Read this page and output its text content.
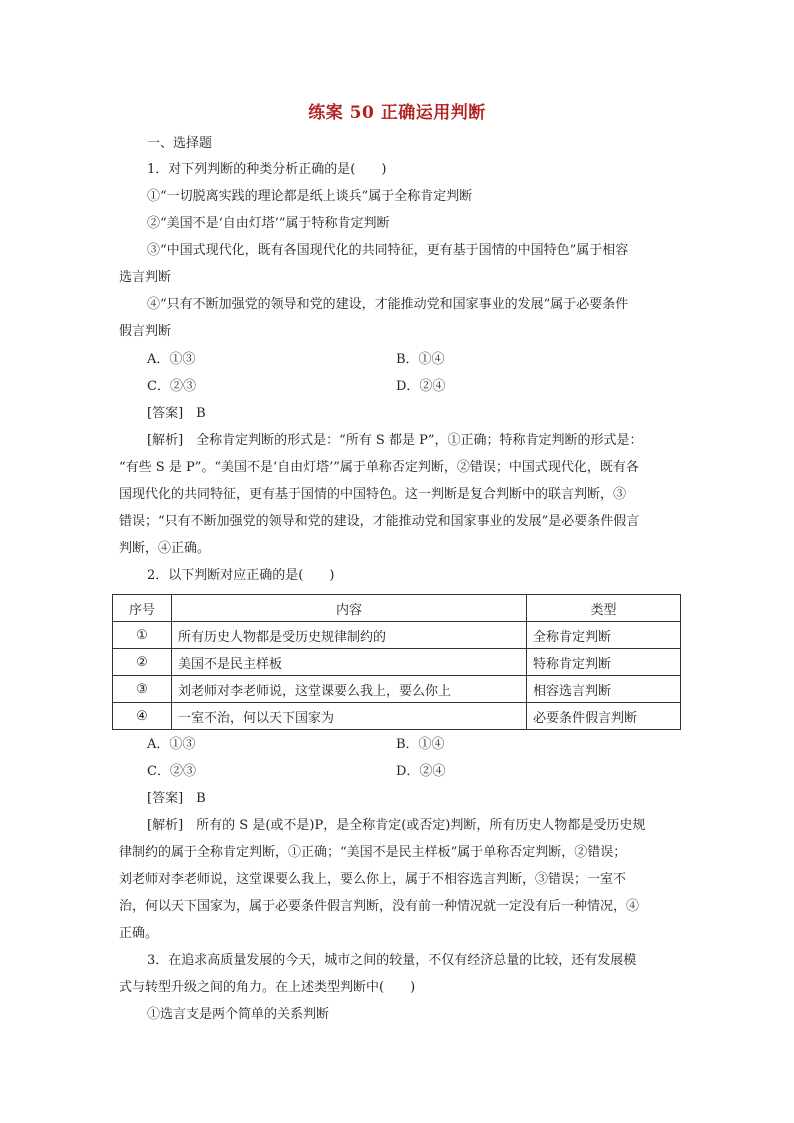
练案 50 正确运用判断
一、选择题
1．对下列判断的种类分析正确的是(　　)
①“一切脱离实践的理论都是纸上谈兵”属于全称肯定判断
②“美国不是‘自由灯塔’”属于特称肯定判断
③“中国式现代化，既有各国现代化的共同特征，更有基于国情的中国特色”属于相容
选言判断
④“只有不断加强党的领导和党的建设，才能推动党和国家事业的发展”属于必要条件
假言判断
A．①③	B．①④
C．②③	D．②④
[答案]　B
[解析]　全称肯定判断的形式是：“所有 S 都是 P”，①正确；特称肯定判断的形式是：
“有些 S 是 P”。“美国不是‘自由灯塔’”属于单称否定判断，②错误；中国式现代化，既有各
国现代化的共同特征，更有基于国情的中国特色。这一判断是复合判断中的联言判断，③
错误；“只有不断加强党的领导和党的建设，才能推动党和国家事业的发展”是必要条件假言
判断，④正确。
2．以下判断对应正确的是(　　)
序号	内容	类型
①	所有历史人物都是受历史规律制约的	全称肯定判断
②	美国不是民主样板	特称肯定判断
③	刘老师对李老师说，这堂课要么我上，要么你上	相容选言判断
④	一室不治，何以天下国家为	必要条件假言判断
A．①③	B．①④
C．②③	D．②④
[答案]　B
[解析]　所有的 S 是(或不是)P，是全称肯定(或否定)判断，所有历史人物都是受历史规
律制约的属于全称肯定判断，①正确；“美国不是民主样板”属于单称否定判断，②错误；
刘老师对李老师说，这堂课要么我上，要么你上，属于不相容选言判断，③错误；一室不
治，何以天下国家为，属于必要条件假言判断，没有前一种情况就一定没有后一种情况，④
正确。
3．在追求高质量发展的今天，城市之间的较量，不仅有经济总量的比较，还有发展模
式与转型升级之间的角力。在上述类型判断中(　　)
①选言支是两个简单的关系判断
